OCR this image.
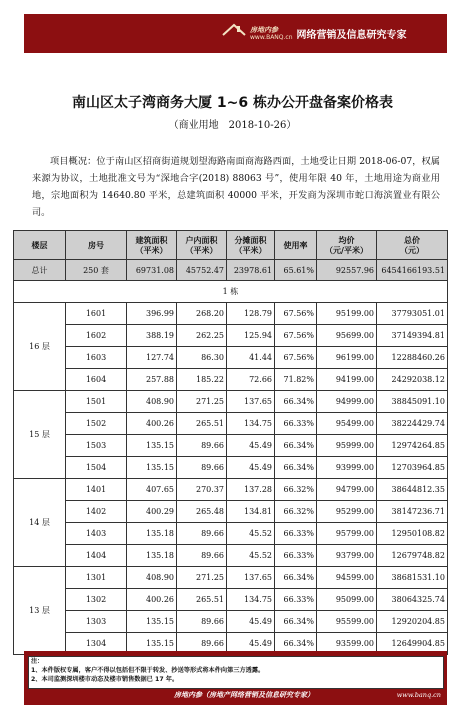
房地内参
www.BANQ.cn 网络营销及信息研究专家
南山区太子湾商务大厦 1~6 栋办公开盘备案价格表
（商业用地　2018-10-26）
项目概况：位于南山区招商街道规划望海路南面商海路西面，土地受让日期 2018-06-07，权属来源为协议，土地批准文号为“深地合字(2018) 88063 号”，使用年限 40 年，土地用途为商业用地，宗地面积为 14640.80 平米，总建筑面积 40000 平米，开发商为深圳市蛇口海滨置业有限公司。
楼层	房号	建筑面积
（平米）	户内面积
（平米）	分摊面积
（平米）	使用率	均价
（元/平米）	总价
（元）
总计	250 套	69731.08	45752.47	23978.61	65.61%	92557.96	6454166193.51
1 栋							
16 层	1601	396.99	268.20	128.79	67.56%	95199.00	37793051.01
	1602	388.19	262.25	125.94	67.56%	95699.00	37149394.81
	1603	127.74	86.30	41.44	67.56%	96199.00	12288460.26
	1604	257.88	185.22	72.66	71.82%	94199.00	24292038.12
15 层	1501	408.90	271.25	137.65	66.34%	94999.00	38845091.10
	1502	400.26	265.51	134.75	66.33%	95499.00	38224429.74
	1503	135.15	89.66	45.49	66.34%	95999.00	12974264.85
	1504	135.15	89.66	45.49	66.34%	93999.00	12703964.85
14 层	1401	407.65	270.37	137.28	66.32%	94799.00	38644812.35
	1402	400.29	265.48	134.81	66.32%	95299.00	38147236.71
	1403	135.18	89.66	45.52	66.33%	95799.00	12950108.82
	1404	135.18	89.66	45.52	66.33%	93799.00	12679748.82
13 层	1301	408.90	271.25	137.65	66.34%	94599.00	38681531.10
	1302	400.26	265.51	134.75	66.33%	95099.00	38064325.74
	1303	135.15	89.66	45.49	66.34%	95599.00	12920204.85
	1304	135.15	89.66	45.49	66.34%	93599.00	12649904.85
注：
1、本件版权专属，客户不得以包括但不限于转发、抄送等形式将本件向第三方透露。
2、本司监测深圳楼市动态及楼市销售数据已 17 年。
房地内参（房地产网络营销及信息研究专家）	www.banq.cn
